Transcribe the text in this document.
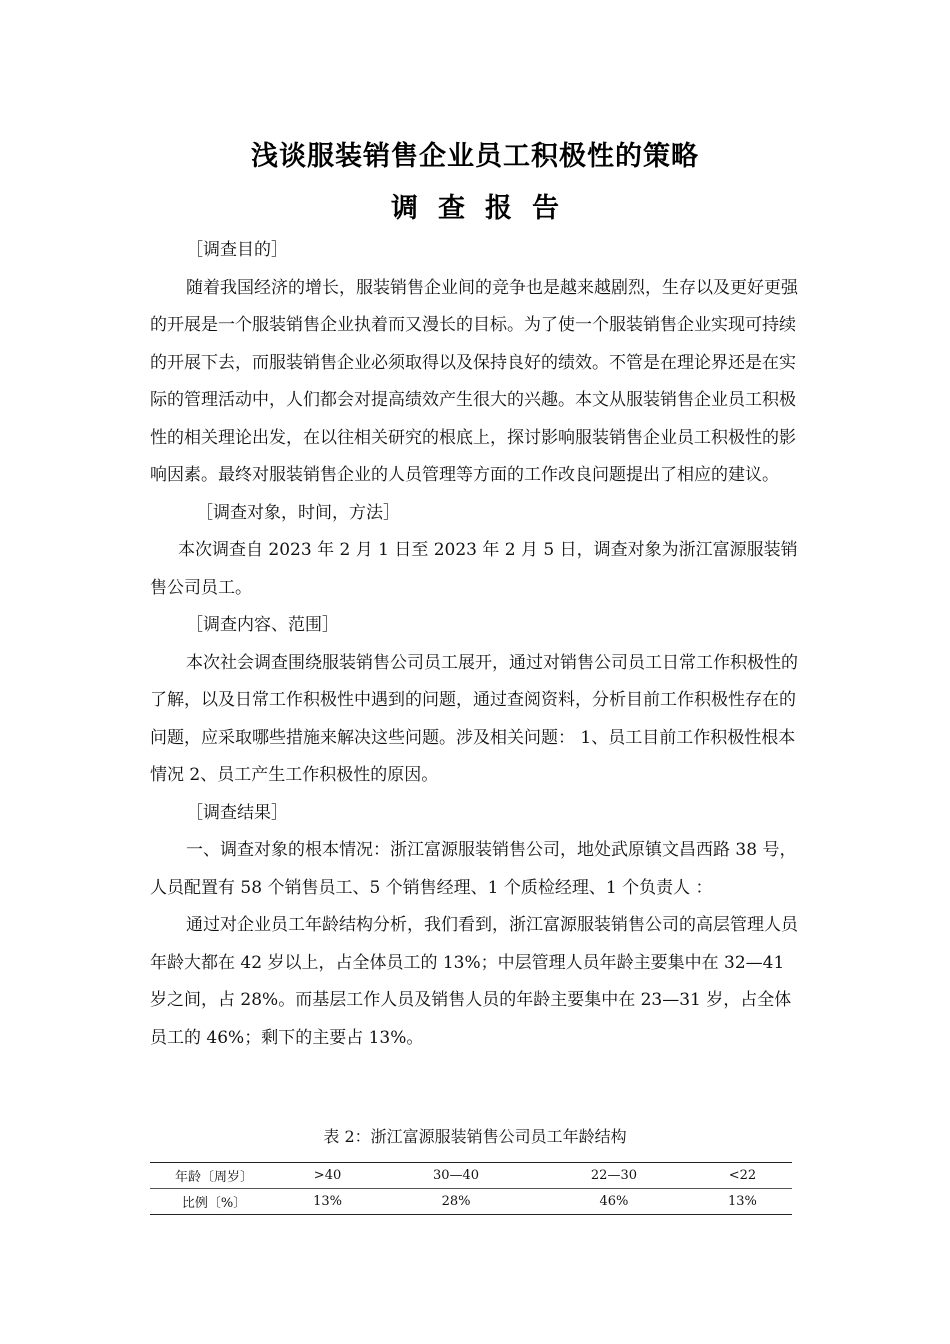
浅谈服装销售企业员工积极性的策略
调查报告

［调查目的］

随着我国经济的增长，服装销售企业间的竞争也是越来越剧烈，生存以及更好更强的开展是一个服装销售企业执着而又漫长的目标。为了使一个服装销售企业实现可持续的开展下去，而服装销售企业必须取得以及保持良好的绩效。不管是在理论界还是在实际的管理活动中，人们都会对提高绩效产生很大的兴趣。本文从服装销售企业员工积极性的相关理论出发，在以往相关研究的根底上，探讨影响服装销售企业员工积极性的影响因素。最终对服装销售企业的人员管理等方面的工作改良问题提出了相应的建议。

［调查对象，时间，方法］

本次调查自 2023 年 2 月 1 日至 2023 年 2 月 5 日，调查对象为浙江富源服装销售公司员工。

［调查内容、范围］

本次社会调查围绕服装销售公司员工展开，通过对销售公司员工日常工作积极性的了解，以及日常工作积极性中遇到的问题，通过查阅资料，分析目前工作积极性存在的问题，应采取哪些措施来解决这些问题。涉及相关问题： 1、员工目前工作积极性根本情况 2、员工产生工作积极性的原因。

［调查结果］

一、调查对象的根本情况：浙江富源服装销售公司，地处武原镇文昌西路 38 号，人员配置有 58 个销售员工、5 个销售经理、1 个质检经理、1 个负责人 ：

通过对企业员工年龄结构分析，我们看到，浙江富源服装销售公司的高层管理人员年龄大都在 42 岁以上，占全体员工的 13%；中层管理人员年龄主要集中在 32—41 岁之间，占 28%。而基层工作人员及销售人员的年龄主要集中在 23—31 岁，占全体员工的 46%；剩下的主要占 13%。

表 2：浙江富源服装销售公司员工年龄结构

年龄〔周岁〕	>40	30—40	22—30	<22
比例〔%〕	13%	28%	46%	13%
